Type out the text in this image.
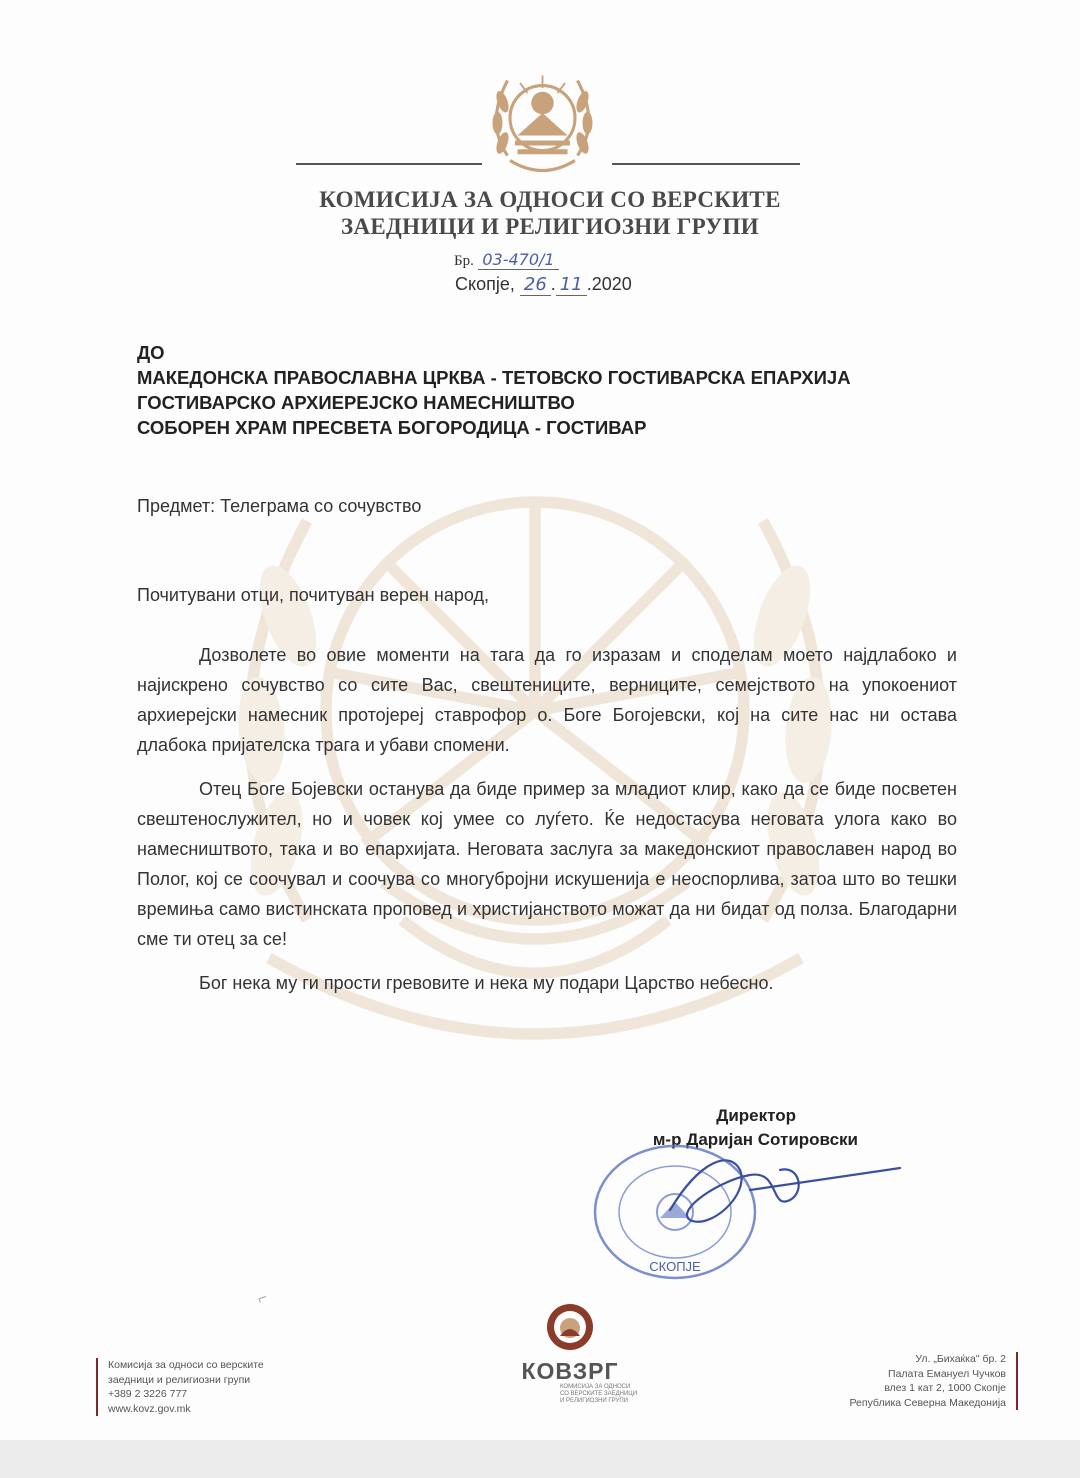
КОМИСИЈА ЗА ОДНОСИ СО ВЕРСКИТЕ
ЗАЕДНИЦИ И РЕЛИГИОЗНИ ГРУПИ
Бр. 03-470/1
Скопје, 26 . 11 .2020
ДО
МАКЕДОНСКА ПРАВОСЛАВНА ЦРКВА - ТЕТОВСКО ГОСТИВАРСКА ЕПАРХИЈА
ГОСТИВАРСКО АРХИЕРЕЈСКО НАМЕСНИШТВО
СОБОРЕН ХРАМ ПРЕСВЕТА БОГОРОДИЦА - ГОСТИВАР
Предмет: Телеграма со сочувство
Почитувани отци, почитуван верен народ,

Дозволете во овие моменти на тага да го изразам и споделам моето најдлабоко и најискрено сочувство со сите Вас, свештениците, верниците, семејството на упокоениот архиерејски намесник протојереј ставрофор о. Боге Богојевски, кој на сите нас ни остава длабока пријателска трага и убави спомени.

Отец Боге Бојевски останува да биде пример за младиот клир, како да се биде посветен свештенослужител, но и човек кој умее со луѓето. Ќе недостасува неговата улога како во намесништвото, така и во епархијата. Неговата заслуга за македонскиот православен народ во Полог, кој се соочувал и соочува со многубројни искушенија е неоспорлива, затоа што во тешки времиња само вистинската проповед и христијанството можат да ни бидат од полза. Благодарни сме ти отец за се!

Бог нека му ги прости гревовите и нека му подари Царство небесно.

Директор
м-р Даријан Сотировски
СКОПЈЕ
⌐
КОВЗРГ
КОМИСИЈА ЗА ОДНОСИ СО ВЕРСКИТЕ ЗАЕДНИЦИ И РЕЛИГИОЗНИ ГРУПИ
Комисија за односи со верските
заедници и религиозни групи
+389 2 3226 777
www.kovz.gov.mk
Ул. „Бихаќка" бр. 2
Палата Емануел Чучков
влез 1 кат 2, 1000 Скопје
Република Северна Македонија
